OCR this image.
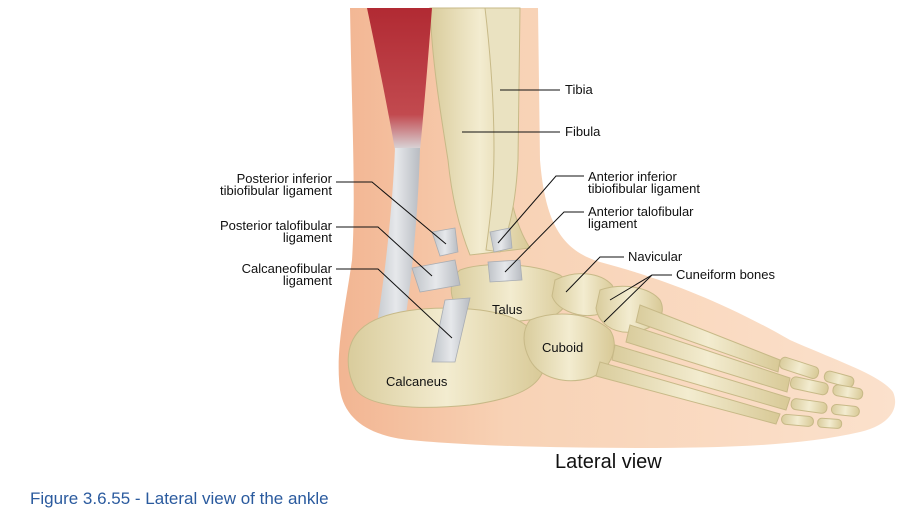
Tibia
Fibula
Posterior inferior
tibiofibular ligament
Posterior talofibular
ligament
Calcaneofibular
ligament
Anterior inferior
tibiofibular ligament
Anterior talofibular
ligament
Navicular
Cuneiform bones
Talus
Cuboid
Calcaneus
Lateral view
Figure 3.6.55 - Lateral view of the ankle
